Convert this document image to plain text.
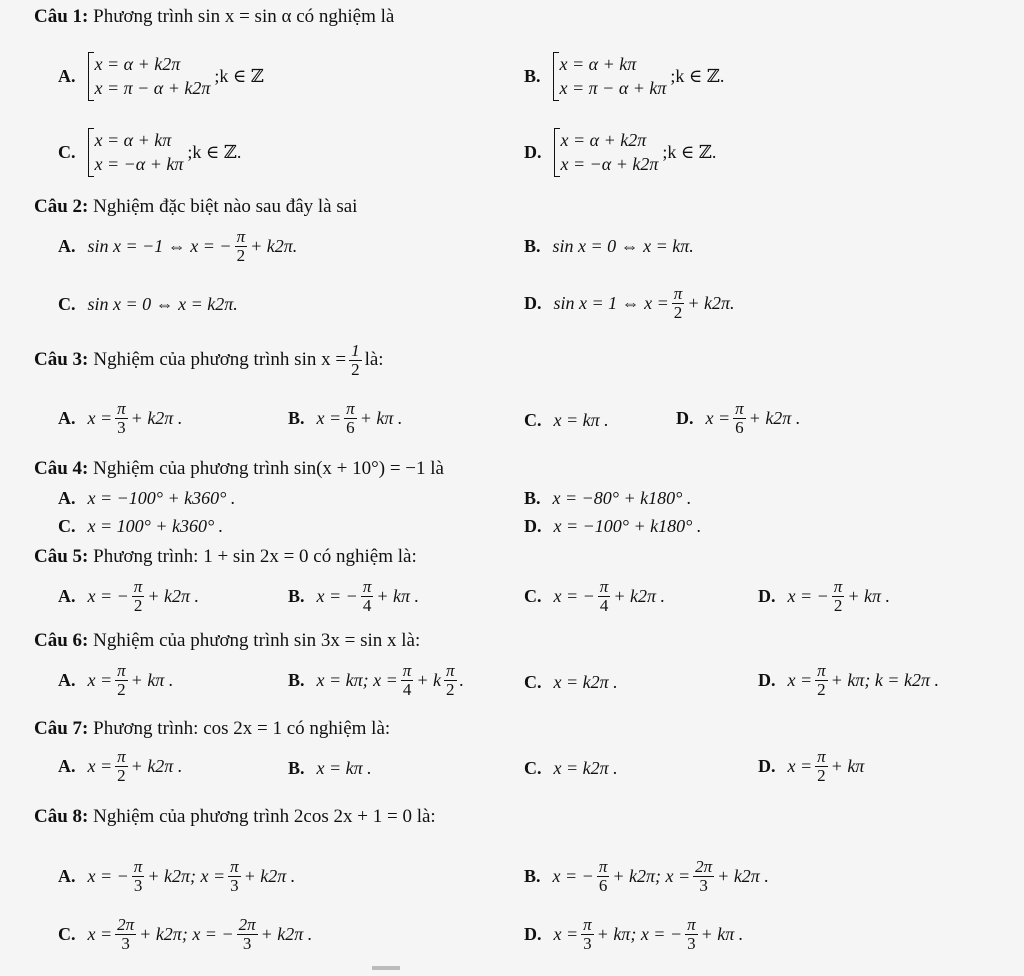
Câu 1: Phương trình sin x = sin α có nghiệm là
A.
x = α + k2π
x = π − α + k2π
;k ∈ ℤ	B.
x = α + kπ
x = π − α + kπ
;k ∈ ℤ.
C.
x = α + kπ
x = −α + kπ
;k ∈ ℤ.	D.
x = α + k2π
x = −α + k2π
;k ∈ ℤ.
Câu 2: Nghiệm đặc biệt nào sau đây là sai
A. sin x = −1 ⇔ x = − $\frac{\pi}{2} + k2\pi$.	B. sin x = 0 ⇔ x = kπ.
C. sin x = 0 ⇔ x = k2π.	D. sin x = 1 ⇔ $x = \frac{\pi}{2} + k2\pi$.
Câu 3: Nghiệm của phương trình $\sin x = \frac{1}{2}$ là:
A. $x = \frac{\pi}{3} + k2\pi$ .	B. $x = \frac{\pi}{6} + k\pi$ .	C. x = kπ .	D. $x = \frac{\pi}{6} + k2\pi$ .
Câu 4: Nghiệm của phương trình sin(x + 10°) = −1 là
A. x = −100° + k360° .	B. x = −80° + k180° .
C. x = 100° + k360° .	D. x = −100° + k180° .
Câu 5: Phương trình: 1 + sin 2x = 0 có nghiệm là:
A. x = − $\frac{\pi}{2} + k2\pi$ .	B. x = − $\frac{\pi}{4} + k\pi$ .	C. x = − $\frac{\pi}{4} + k2\pi$ .	D. x = − $\frac{\pi}{2} + k\pi$ .
Câu 6: Nghiệm của phương trình sin 3x = sin x là:
A. $x = \frac{\pi}{2} + k\pi$ .	B. x = kπ; $x = \frac{\pi}{4} + k \frac{\pi}{2}$ .	C. x = k2π .	D. $x = \frac{\pi}{2} + k\pi$; k = k2π .
Câu 7: Phương trình: cos 2x = 1 có nghiệm là:
A. $x = \frac{\pi}{2} + k2\pi$ .	B. x = kπ .	C. x = k2π .	D. $x = \frac{\pi}{2} + k\pi$
Câu 8: Nghiệm của phương trình 2cos 2x + 1 = 0 là:
A. x = − $\frac{\pi}{3} + k2\pi$; $x = \frac{\pi}{3} + k2\pi$ .	B. x = − $\frac{\pi}{6} + k2\pi$; $x = \frac{2\pi}{3} + k2\pi$ .
C. $x = \frac{2\pi}{3} + k2\pi$; x = − $\frac{2\pi}{3} + k2\pi$ .	D. $x = \frac{\pi}{3} + k\pi$; x = − $\frac{\pi}{3} + k\pi$ .
